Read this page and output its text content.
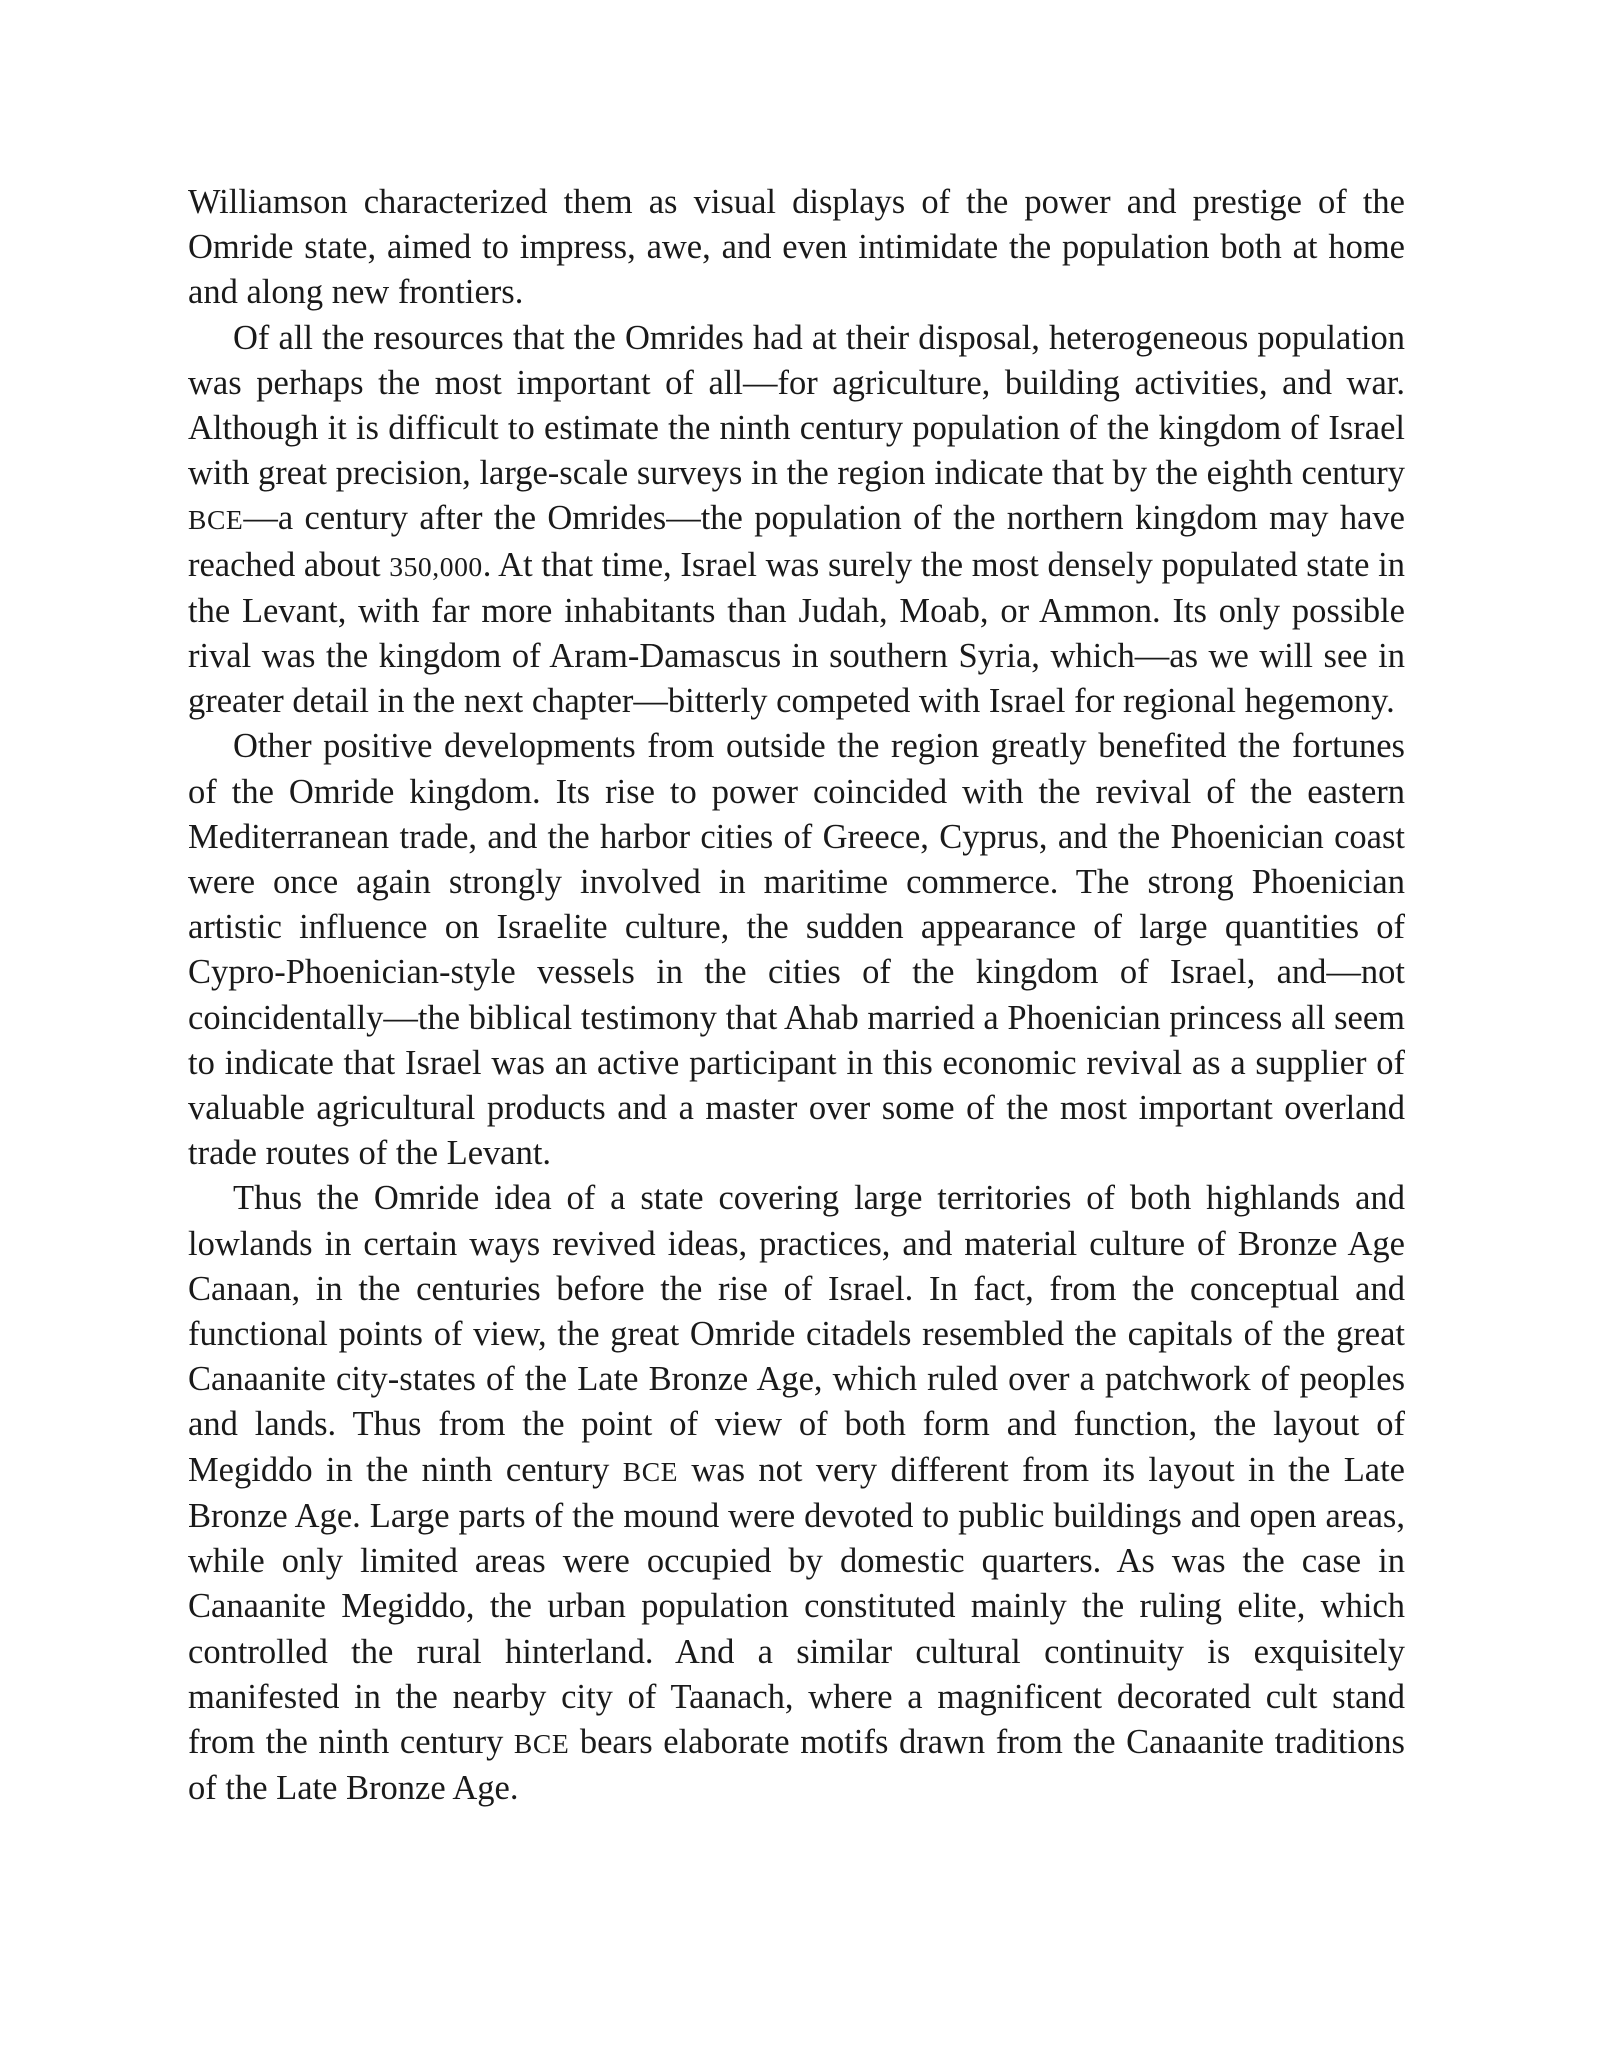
Williamson characterized them as visual displays of the power and prestige of the Omride state, aimed to impress, awe, and even intimidate the population both at home and along new frontiers.

Of all the resources that the Omrides had at their disposal, heterogeneous population was perhaps the most important of all—for agriculture, building activities, and war. Although it is difficult to estimate the ninth century population of the kingdom of Israel with great precision, large-scale surveys in the region indicate that by the eighth century BCE—a century after the Omrides—the population of the northern kingdom may have reached about 350,000. At that time, Israel was surely the most densely populated state in the Levant, with far more inhabitants than Judah, Moab, or Ammon. Its only possible rival was the kingdom of Aram-Damascus in southern Syria, which—as we will see in greater detail in the next chapter—bitterly competed with Israel for regional hegemony.

Other positive developments from outside the region greatly benefited the fortunes of the Omride kingdom. Its rise to power coincided with the revival of the eastern Mediterranean trade, and the harbor cities of Greece, Cyprus, and the Phoenician coast were once again strongly involved in maritime commerce. The strong Phoenician artistic influence on Israelite culture, the sudden appearance of large quantities of Cypro-Phoenician-style vessels in the cities of the kingdom of Israel, and—not coincidentally—the biblical testimony that Ahab married a Phoenician princess all seem to indicate that Israel was an active participant in this economic revival as a supplier of valuable agricultural products and a master over some of the most important overland trade routes of the Levant.

Thus the Omride idea of a state covering large territories of both highlands and lowlands in certain ways revived ideas, practices, and material culture of Bronze Age Canaan, in the centuries before the rise of Israel. In fact, from the conceptual and functional points of view, the great Omride citadels resembled the capitals of the great Canaanite city-states of the Late Bronze Age, which ruled over a patchwork of peoples and lands. Thus from the point of view of both form and function, the layout of Megiddo in the ninth century BCE was not very different from its layout in the Late Bronze Age. Large parts of the mound were devoted to public buildings and open areas, while only limited areas were occupied by domestic quarters. As was the case in Canaanite Megiddo, the urban population constituted mainly the ruling elite, which controlled the rural hinterland. And a similar cultural continuity is exquisitely manifested in the nearby city of Taanach, where a magnificent decorated cult stand from the ninth century BCE bears elaborate motifs drawn from the Canaanite traditions of the Late Bronze Age.
